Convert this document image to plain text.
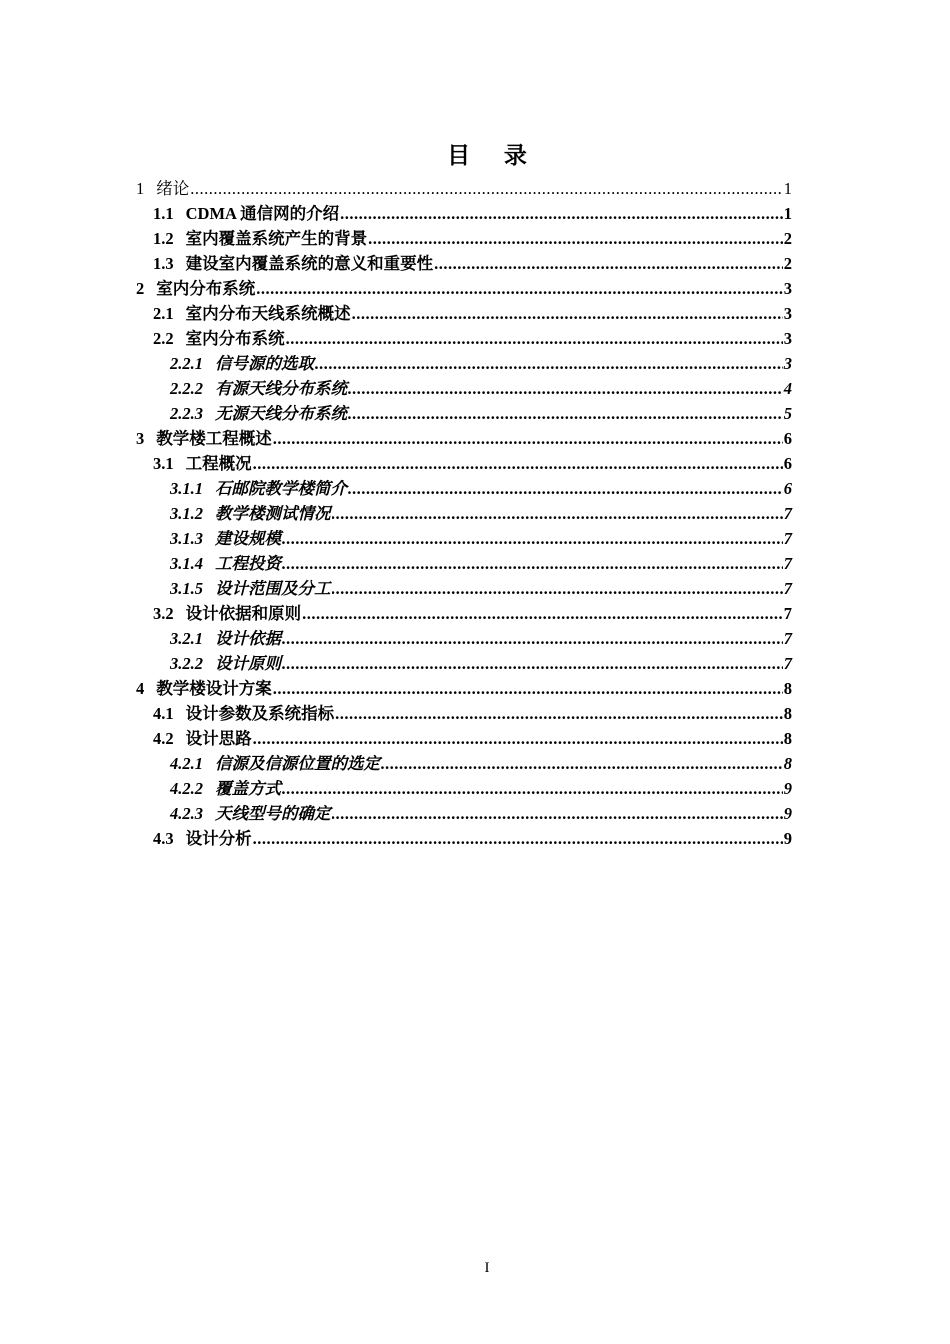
目 录
1 绪论 .....	1
1.1 CDMA 通信网的介绍 .....	1
1.2 室内覆盖系统产生的背景 .....	2
1.3 建设室内覆盖系统的意义和重要性 .....	2
2 室内分布系统 .....	3
2.1 室内分布天线系统概述 .....	3
2.2 室内分布系统 .....	3
2.2.1 信号源的选取 .....	3
2.2.2 有源天线分布系统 .....	4
2.2.3 无源天线分布系统 .....	5
3 教学楼工程概述 .....	6
3.1 工程概况 .....	6
3.1.1 石邮院教学楼简介 .....	6
3.1.2 教学楼测试情况 .....	7
3.1.3 建设规模 .....	7
3.1.4 工程投资 .....	7
3.1.5 设计范围及分工 .....	7
3.2 设计依据和原则 .....	7
3.2.1 设计依据 .....	7
3.2.2 设计原则 .....	7
4 教学楼设计方案 .....	8
4.1 设计参数及系统指标 .....	8
4.2 设计思路 .....	8
4.2.1 信源及信源位置的选定 .....	8
4.2.2 覆盖方式 .....	9
4.2.3 天线型号的确定 .....	9
4.3 设计分析 .....	9
I
